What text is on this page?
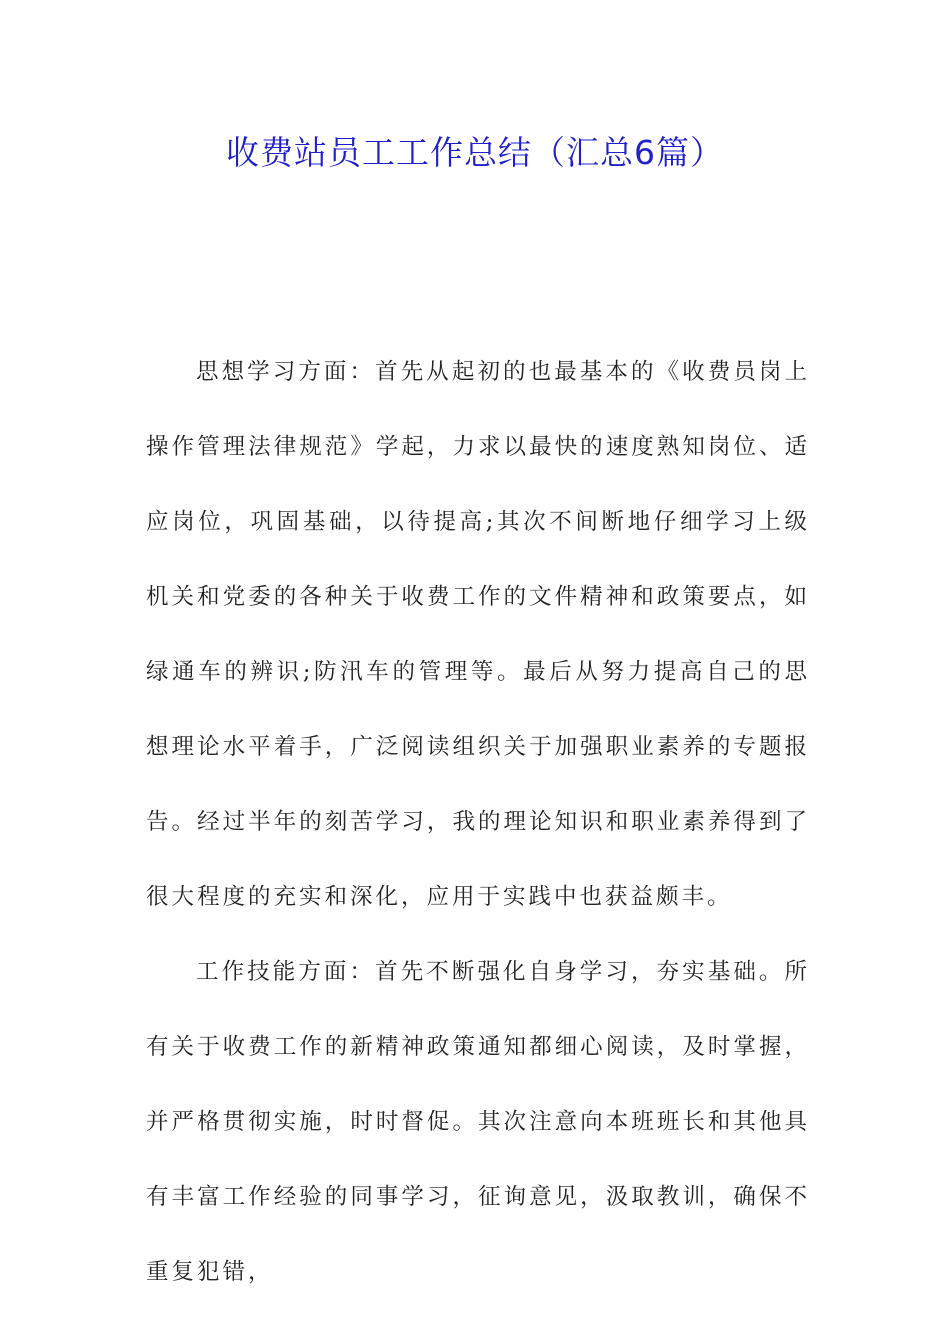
收费站员工工作总结（汇总6篇）

思想学习方面：首先从起初的也最基本的《收费员岗上操作管理法律规范》学起，力求以最快的速度熟知岗位、适应岗位，巩固基础，以待提高;其次不间断地仔细学习上级机关和党委的各种关于收费工作的文件精神和政策要点，如绿通车的辨识;防汛车的管理等。最后从努力提高自己的思想理论水平着手，广泛阅读组织关于加强职业素养的专题报告。经过半年的刻苦学习，我的理论知识和职业素养得到了很大程度的充实和深化，应用于实践中也获益颇丰。

工作技能方面：首先不断强化自身学习，夯实基础。所有关于收费工作的新精神政策通知都细心阅读，及时掌握，并严格贯彻实施，时时督促。其次注意向本班班长和其他具有丰富工作经验的同事学习，征询意见，汲取教训，确保不重复犯错，
